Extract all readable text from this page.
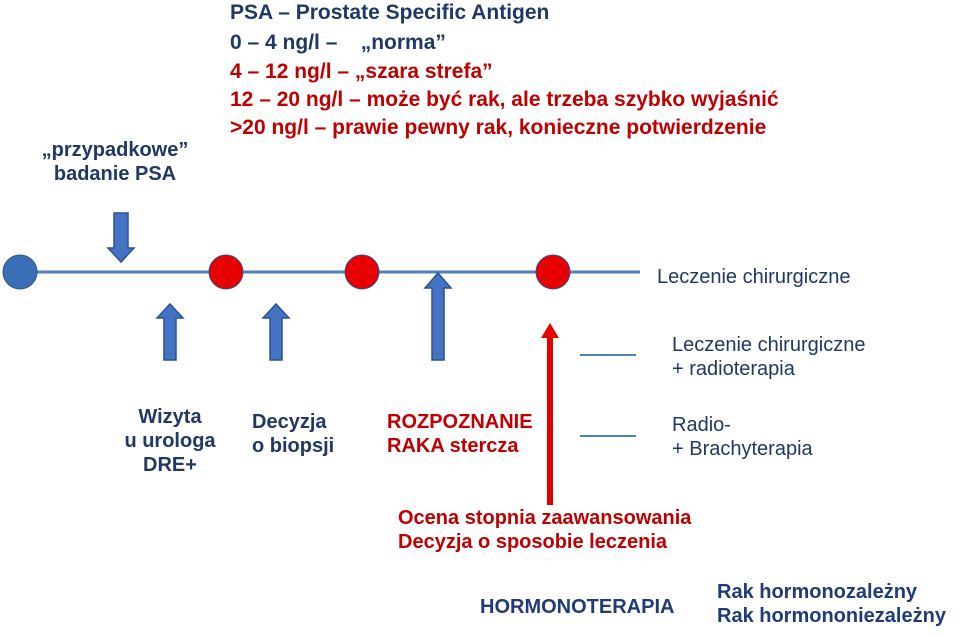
PSA – Prostate Specific Antigen
0 – 4 ng/l –    „norma”
4 – 12 ng/l – „szara strefa”
12 – 20 ng/l – może być rak, ale trzeba szybko wyjaśnić
>20 ng/l – prawie pewny rak, konieczne potwierdzenie
„przypadkowe”
badanie PSA
Leczenie chirurgiczne
Leczenie chirurgiczne
+ radioterapia
Radio-
+ Brachyterapia
Wizyta
u urologa
DRE+
Decyzja
o biopsji
ROZPOZNANIE
RAKA stercza
Ocena stopnia zaawansowania
Decyzja o sposobie leczenia
HORMONOTERAPIA
Rak hormonozależny
Rak hormononiezależny
